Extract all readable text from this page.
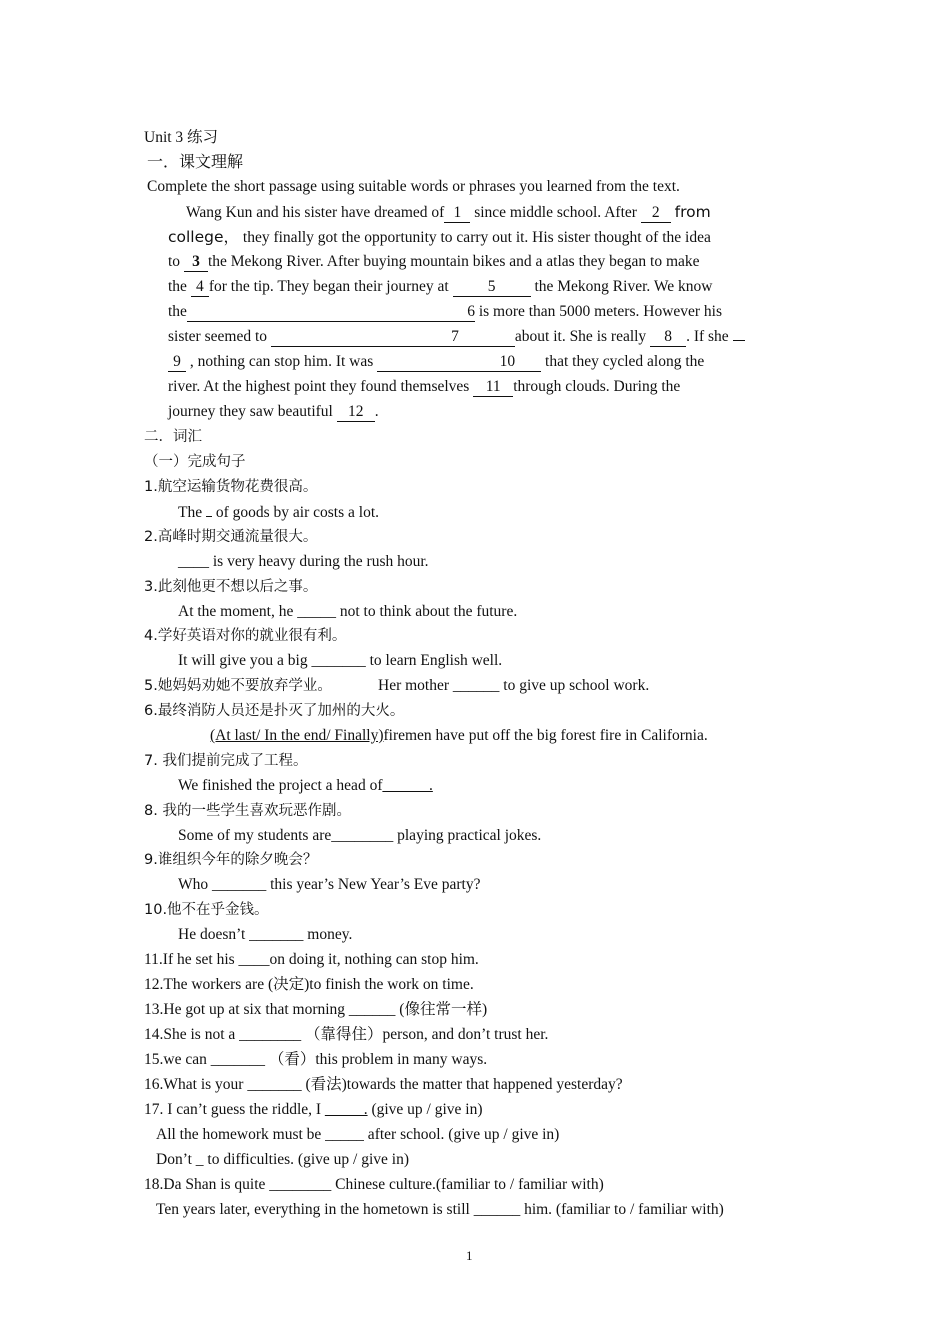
Unit 3 练习
一．课文理解
Complete the short passage using suitable words or phrases you learned from the text.
Wang Kun and his sister have dreamed of 1 since middle school. After 2 from
college， they finally got the opportunity to carry out it. His sister thought of the idea
to 3 the Mekong River. After buying mountain bikes and a atlas they began to make
the 4 for the tip. They began their journey at	5	the Mekong River. We know
the	6 is more than 5000 meters. However his
sister seemed to	7	about it. She is really 8 . If she
9 , nothing can stop him. It was	10 that they cycled along the
river. At the highest point they found themselves 11 through clouds. During the
journey they saw beautiful 12 .
二．词汇
（一）完成句子
1.航空运输货物花费很高。
The of goods by air costs a lot.
2.高峰时期交通流量很大。
____ is very heavy during the rush hour.
3.此刻他更不想以后之事。
At the moment, he _____ not to think about the future.
4.学好英语对你的就业很有利。
It will give you a big _______ to learn English well.
5.她妈妈劝她不要放弃学业。	Her mother ______ to give up school work.
6.最终消防人员还是扑灭了加州的大火。
(At last/ In the end/ Finally)firemen have put off the big forest fire in California.
7. 我们提前完成了工程。
We finished the project a head of______.
8. 我的一些学生喜欢玩恶作剧。
Some of my students are________ playing practical jokes.
9.谁组织今年的除夕晚会？
Who _______ this year’s New Year’s Eve party?
10.他不在乎金钱。
He doesn’t _______ money.
11.If he set his ____on doing it, nothing can stop him.
12.The workers are (决定)to finish the work on time.
13.He got up at six that morning ______ (像往常一样)
14.She is not a ________ （靠得住）person, and don’t trust her.
15.we can _______ （看）this problem in many ways.
16.What is your _______ (看法)towards the matter that happened yesterday?
17. I can’t guess the riddle, I _____. (give up / give in)
All the homework must be _____ after school. (give up / give in)
Don’t _ to difficulties. (give up / give in)
18.Da Shan is quite ________ Chinese culture.(familiar to / familiar with)
Ten years later, everything in the hometown is still ______ him. (familiar to / familiar with)
1
